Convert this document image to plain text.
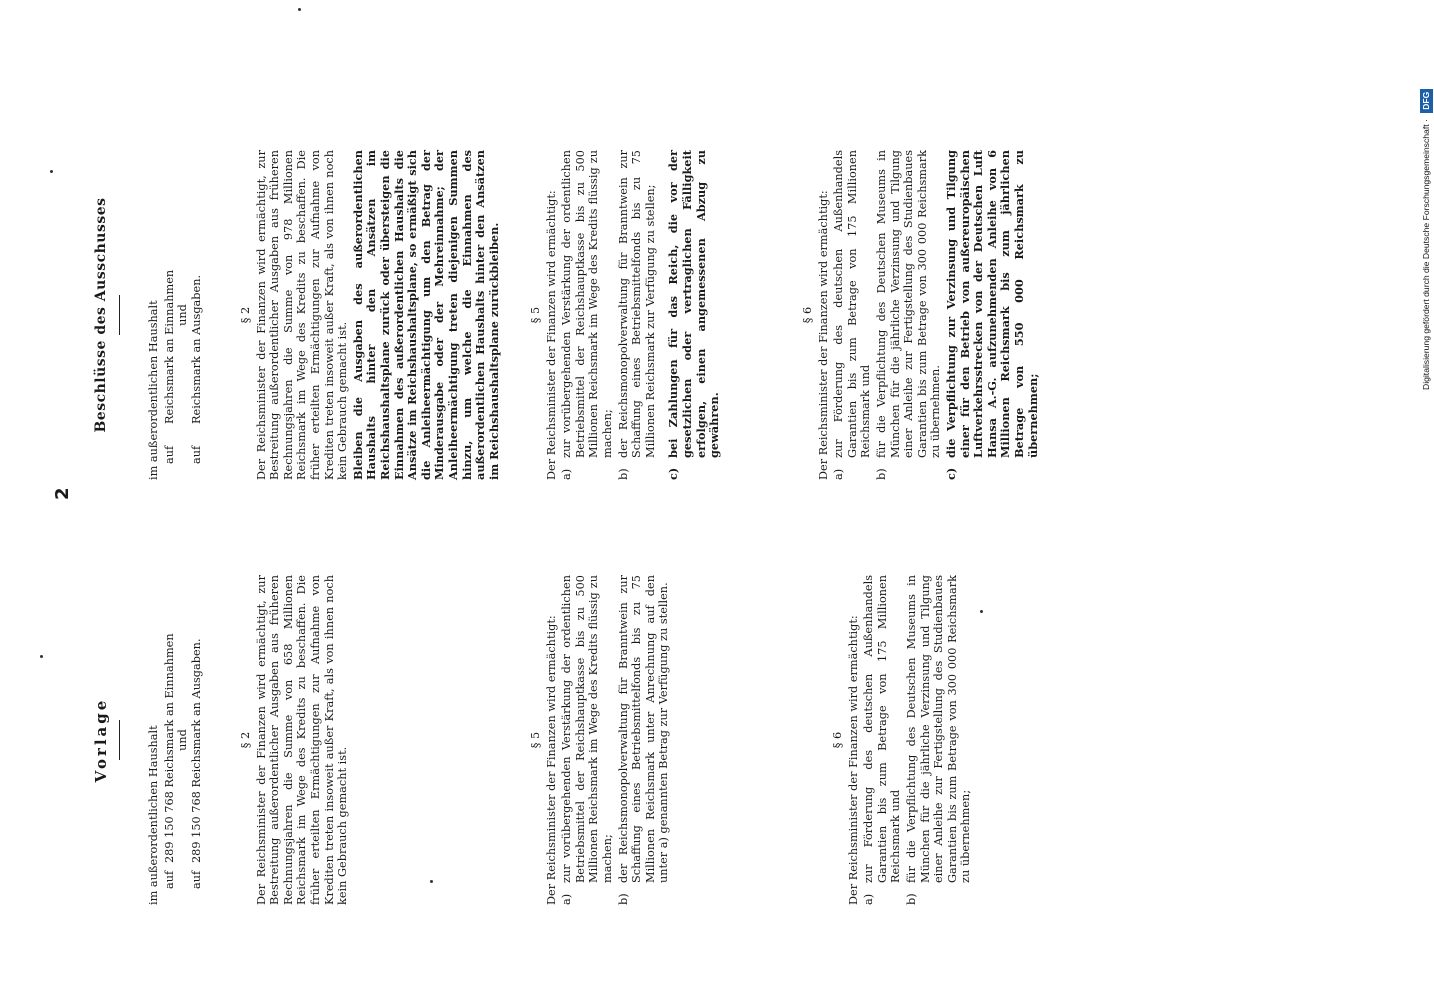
2
Vorlage	im außerordentlichen Haushalt auf
289 150 768 Reichsmark an Einnahmen und
auf
289 150 768 Reichsmark an Ausgaben.	§ 2 Der Reichsminister der Finanzen wird ermächtigt, zur Bestreitung außerordentlicher Ausgaben aus früheren Rechnungsjahren die Summe von 658 Millionen Reichsmark im Wege des Kredits zu beschaffen. Die früher erteilten Ermächtigungen zur Aufnahme von Krediten treten insoweit außer Kraft, als von ihnen noch kein Gebrauch gemacht ist.
§ 5 Der Reichsminister der Finanzen wird ermächtigt: a)
zur vorübergehenden Verstärkung der ordentlichen Betriebsmittel der Reichshauptkasse bis zu 500 Millionen Reichsmark im Wege des Kredits flüssig zu machen;
b)
der Reichsmonopolverwaltung für Branntwein zur Schaffung eines Betriebsmittelfonds bis zu 75 Millionen Reichsmark unter Anrechnung auf den unter a) genannten Betrag zur Verfügung zu stellen.	§ 6 Der Reichsminister der Finanzen wird ermächtigt: a)
zur Förderung des deutschen Außenhandels Garantien bis zum Betrage von 175 Millionen Reichsmark und
b)
für die Verpflichtung des Deutschen Museums in München für die jährliche Verzinsung und Tilgung einer Anleihe zur Fertigstellung des Studienbaues Garantien bis zum Betrage von 300 000 Reichsmark zu übernehmen;
Beschlüsse des Ausschusses	im außerordentlichen Haushalt auf
Reichsmark an Einnahmen und
auf
Reichsmark an Ausgaben.	§ 2 Der Reichsminister der Finanzen wird ermächtigt, zur Bestreitung außerordentlicher Ausgaben aus früheren Rechnungsjahren die Summe von 978 Millionen Reichsmark im Wege des Kredits zu beschaffen. Die früher erteilten Ermächtigungen zur Aufnahme von Krediten treten insoweit außer Kraft, als von ihnen noch kein Gebrauch gemacht ist. Bleiben die Ausgaben des außerordentlichen Haushalts hinter den Ansätzen im Reichshaushaltsplane zurück oder übersteigen die Einnahmen des außerordentlichen Haushalts die Ansätze im Reichshaushaltsplane, so ermäßigt sich die Anleiheermächtigung um den Betrag der Minderausgabe oder der Mehreinnahme; der Anleiheermächtigung treten diejenigen Summen hinzu, um welche die Einnahmen des außerordentlichen Haushalts hinter den Ansätzen im Reichshaushaltsplane zurückbleiben.	§ 5 Der Reichsminister der Finanzen wird ermächtigt: a)
zur vorübergehenden Verstärkung der ordentlichen Betriebsmittel der Reichshauptkasse bis zu 500 Millionen Reichsmark im Wege des Kredits flüssig zu machen;
b)
der Reichsmonopolverwaltung für Branntwein zur Schaffung eines Betriebsmittelfonds bis zu 75 Millionen Reichsmark zur Verfügung zu stellen;
c)
bei Zahlungen für das Reich, die vor der gesetzlichen oder vertraglichen Fälligkeit erfolgen, einen angemessenen Abzug zu gewähren.
§ 6 Der Reichsminister der Finanzen wird ermächtigt: a)
zur Förderung des deutschen Außenhandels Garantien bis zum Betrage von 175 Millionen Reichsmark und
b)
für die Verpflichtung des Deutschen Museums in München für die jährliche Verzinsung und Tilgung einer Anleihe zur Fertigstellung des Studienbaues Garantien bis zum Betrage von 300 000 Reichsmark zu übernehmen.
c)
die Verpflichtung zur Verzinsung und Tilgung einer für den Betrieb von außereuropäischen Luftverkehrsstrecken von der Deutschen Luft Hansa A.-G. aufzunehmenden Anleihe von 6 Millionen Reichsmark bis zum jährlichen Betrage von 550 000 Reichsmark zu übernehmen;
Digitalisierung gefördert durch die Deutsche Forschungsgemeinschaft · DFG
